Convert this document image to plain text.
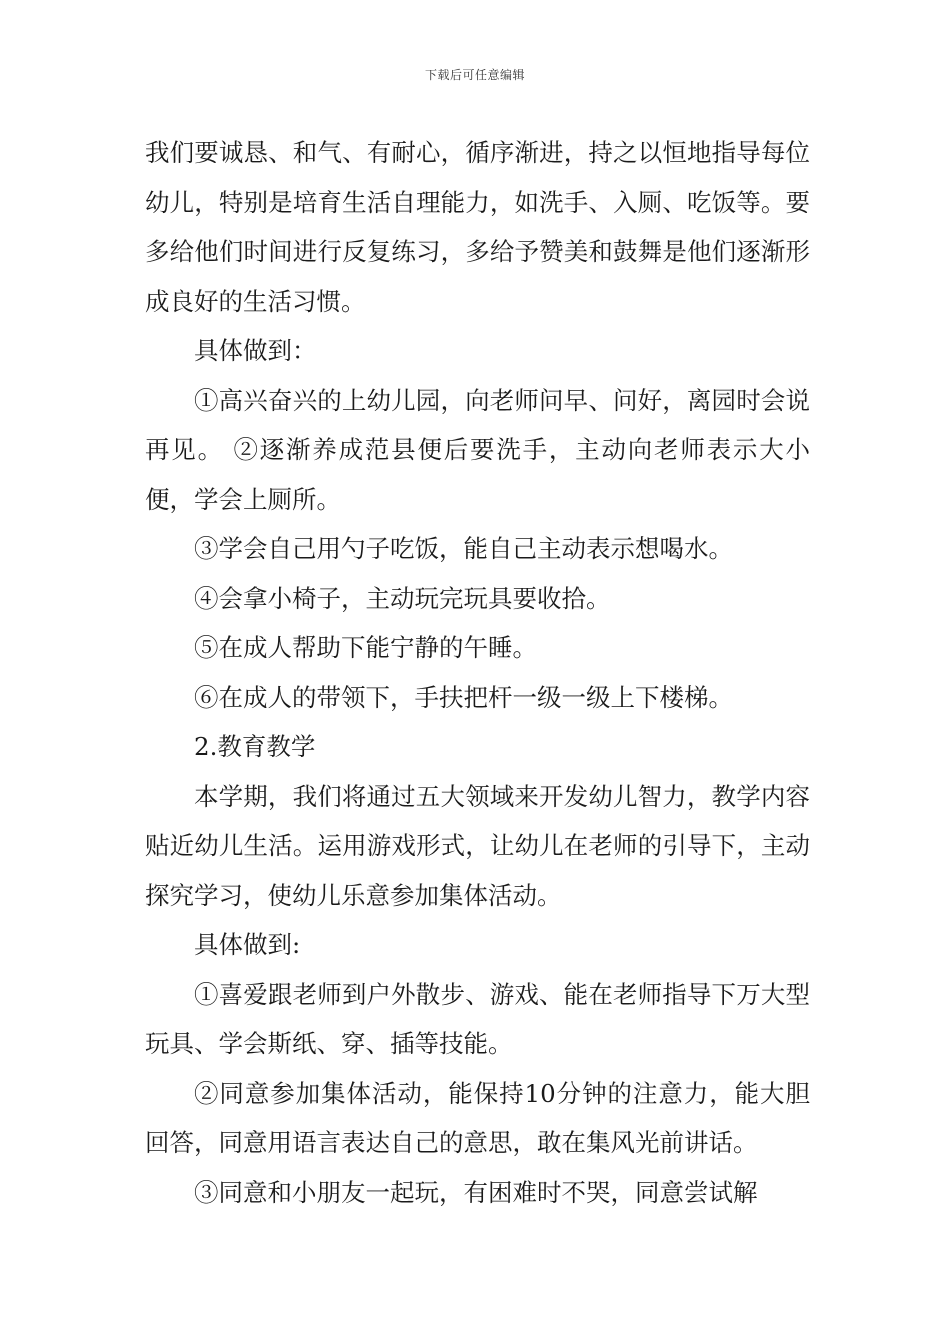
下载后可任意编辑

我们要诚恳、和气、有耐心，循序渐进，持之以恒地指导每位幼儿，特别是培育生活自理能力，如洗手、入厕、吃饭等。要多给他们时间进行反复练习，多给予赞美和鼓舞是他们逐渐形成良好的生活习惯。

具体做到：

①高兴奋兴的上幼儿园，向老师问早、问好，离园时会说再见。 ②逐渐养成范县便后要洗手，主动向老师表示大小便，学会上厕所。

③学会自己用勺子吃饭，能自己主动表示想喝水。

④会拿小椅子，主动玩完玩具要收拾。

⑤在成人帮助下能宁静的午睡。

⑥在成人的带领下，手扶把杆一级一级上下楼梯。

2.教育教学

本学期，我们将通过五大领域来开发幼儿智力，教学内容贴近幼儿生活。运用游戏形式，让幼儿在老师的引导下，主动探究学习，使幼儿乐意参加集体活动。

具体做到:

①喜爱跟老师到户外散步、游戏、能在老师指导下万大型玩具、学会斯纸、穿、插等技能。

②同意参加集体活动，能保持10分钟的注意力，能大胆回答，同意用语言表达自己的意思，敢在集风光前讲话。

③同意和小朋友一起玩，有困难时不哭，同意尝试解
